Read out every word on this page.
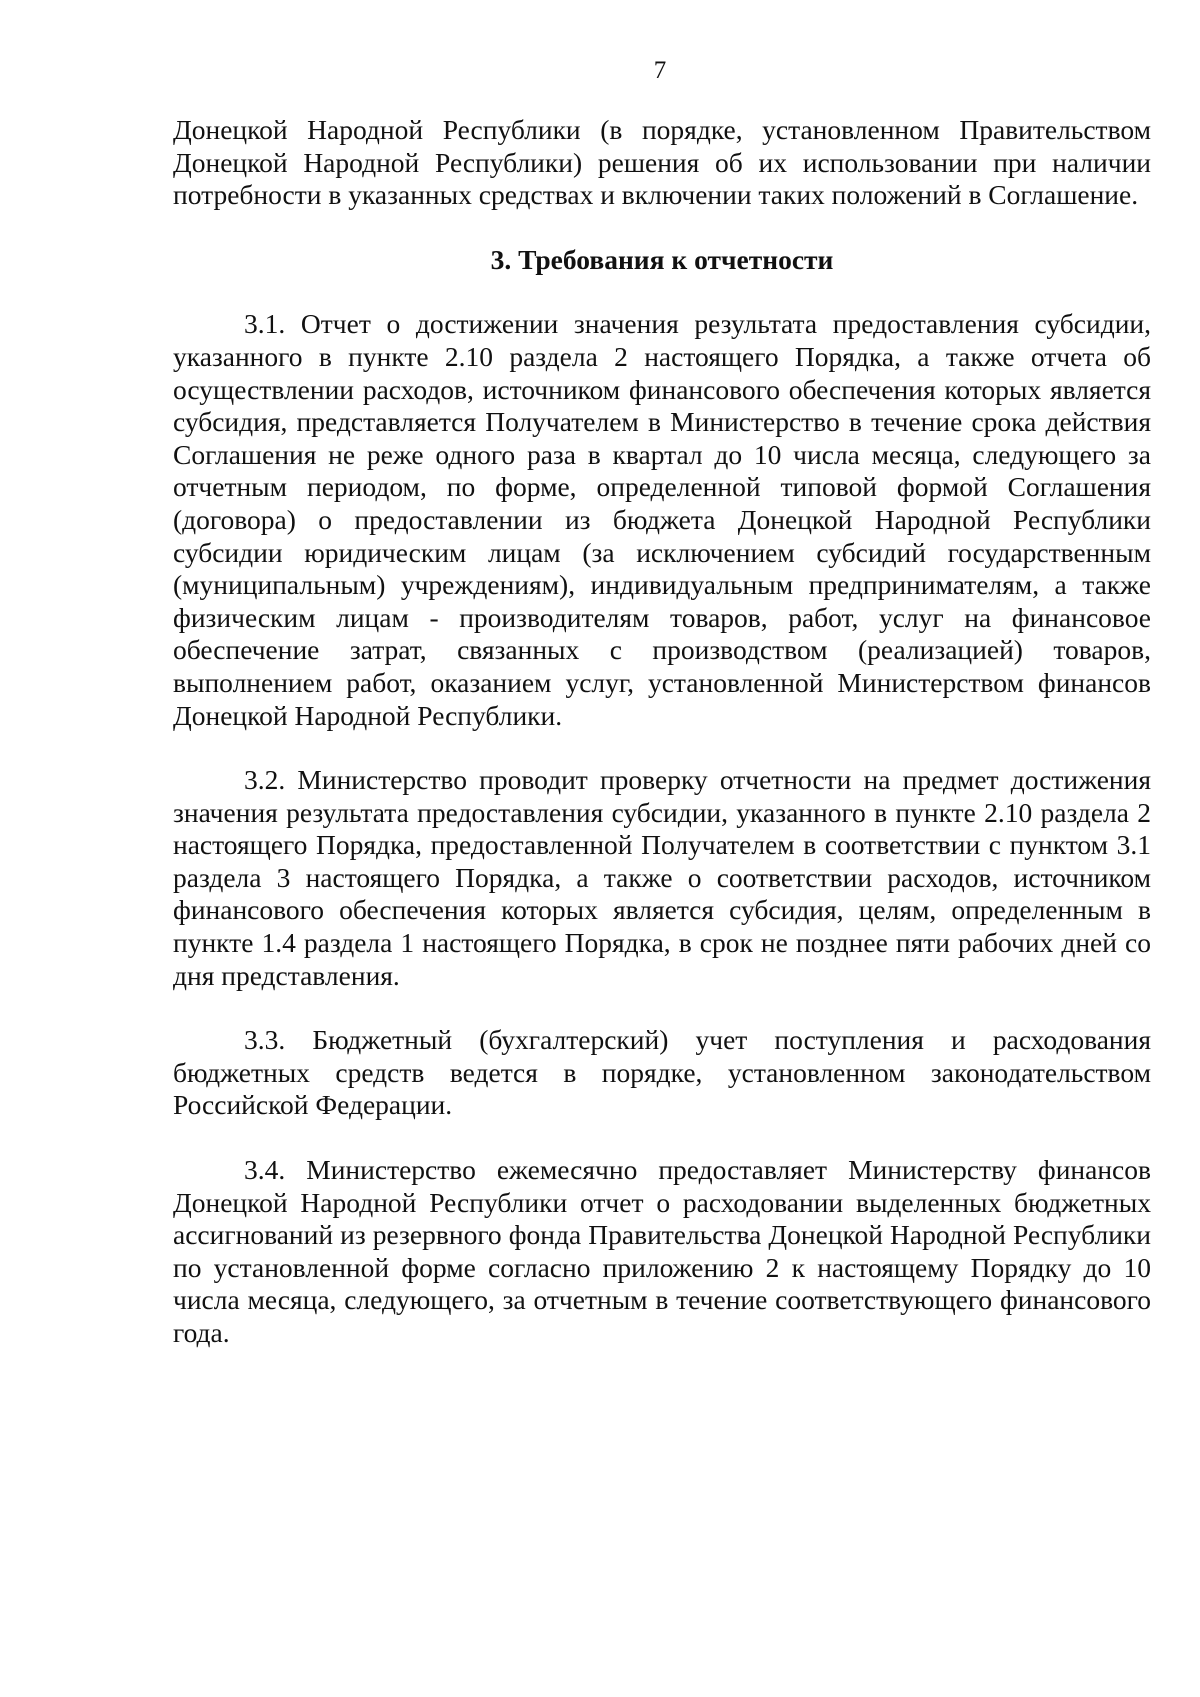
7

Донецкой Народной Республики (в порядке, установленном Правительством Донецкой Народной Республики) решения об их использовании при наличии потребности в указанных средствах и включении таких положений в Соглашение.

3. Требования к отчетности

3.1. Отчет о достижении значения результата предоставления субсидии, указанного в пункте 2.10 раздела 2 настоящего Порядка, а также отчета об осуществлении расходов, источником финансового обеспечения которых является субсидия, представляется Получателем в Министерство в течение срока действия Соглашения не реже одного раза в квартал до 10 числа месяца, следующего за отчетным периодом, по форме, определенной типовой формой Соглашения (договора) о предоставлении из бюджета Донецкой Народной Республики субсидии юридическим лицам (за исключением субсидий государственным (муниципальным) учреждениям), индивидуальным предпринимателям, а также физическим лицам - производителям товаров, работ, услуг на финансовое обеспечение затрат, связанных с производством (реализацией) товаров, выполнением работ, оказанием услуг, установленной Министерством финансов Донецкой Народной Республики.

3.2. Министерство проводит проверку отчетности на предмет достижения значения результата предоставления субсидии, указанного в пункте 2.10 раздела 2 настоящего Порядка, предоставленной Получателем в соответствии с пунктом 3.1 раздела 3 настоящего Порядка, а также о соответствии расходов, источником финансового обеспечения которых является субсидия, целям, определенным в пункте 1.4 раздела 1 настоящего Порядка, в срок не позднее пяти рабочих дней со дня представления.

3.3. Бюджетный (бухгалтерский) учет поступления и расходования бюджетных средств ведется в порядке, установленном законодательством Российской Федерации.

3.4. Министерство ежемесячно предоставляет Министерству финансов Донецкой Народной Республики отчет о расходовании выделенных бюджетных ассигнований из резервного фонда Правительства Донецкой Народной Республики по установленной форме согласно приложению 2 к настоящему Порядку до 10 числа месяца, следующего, за отчетным в течение соответствующего финансового года.
